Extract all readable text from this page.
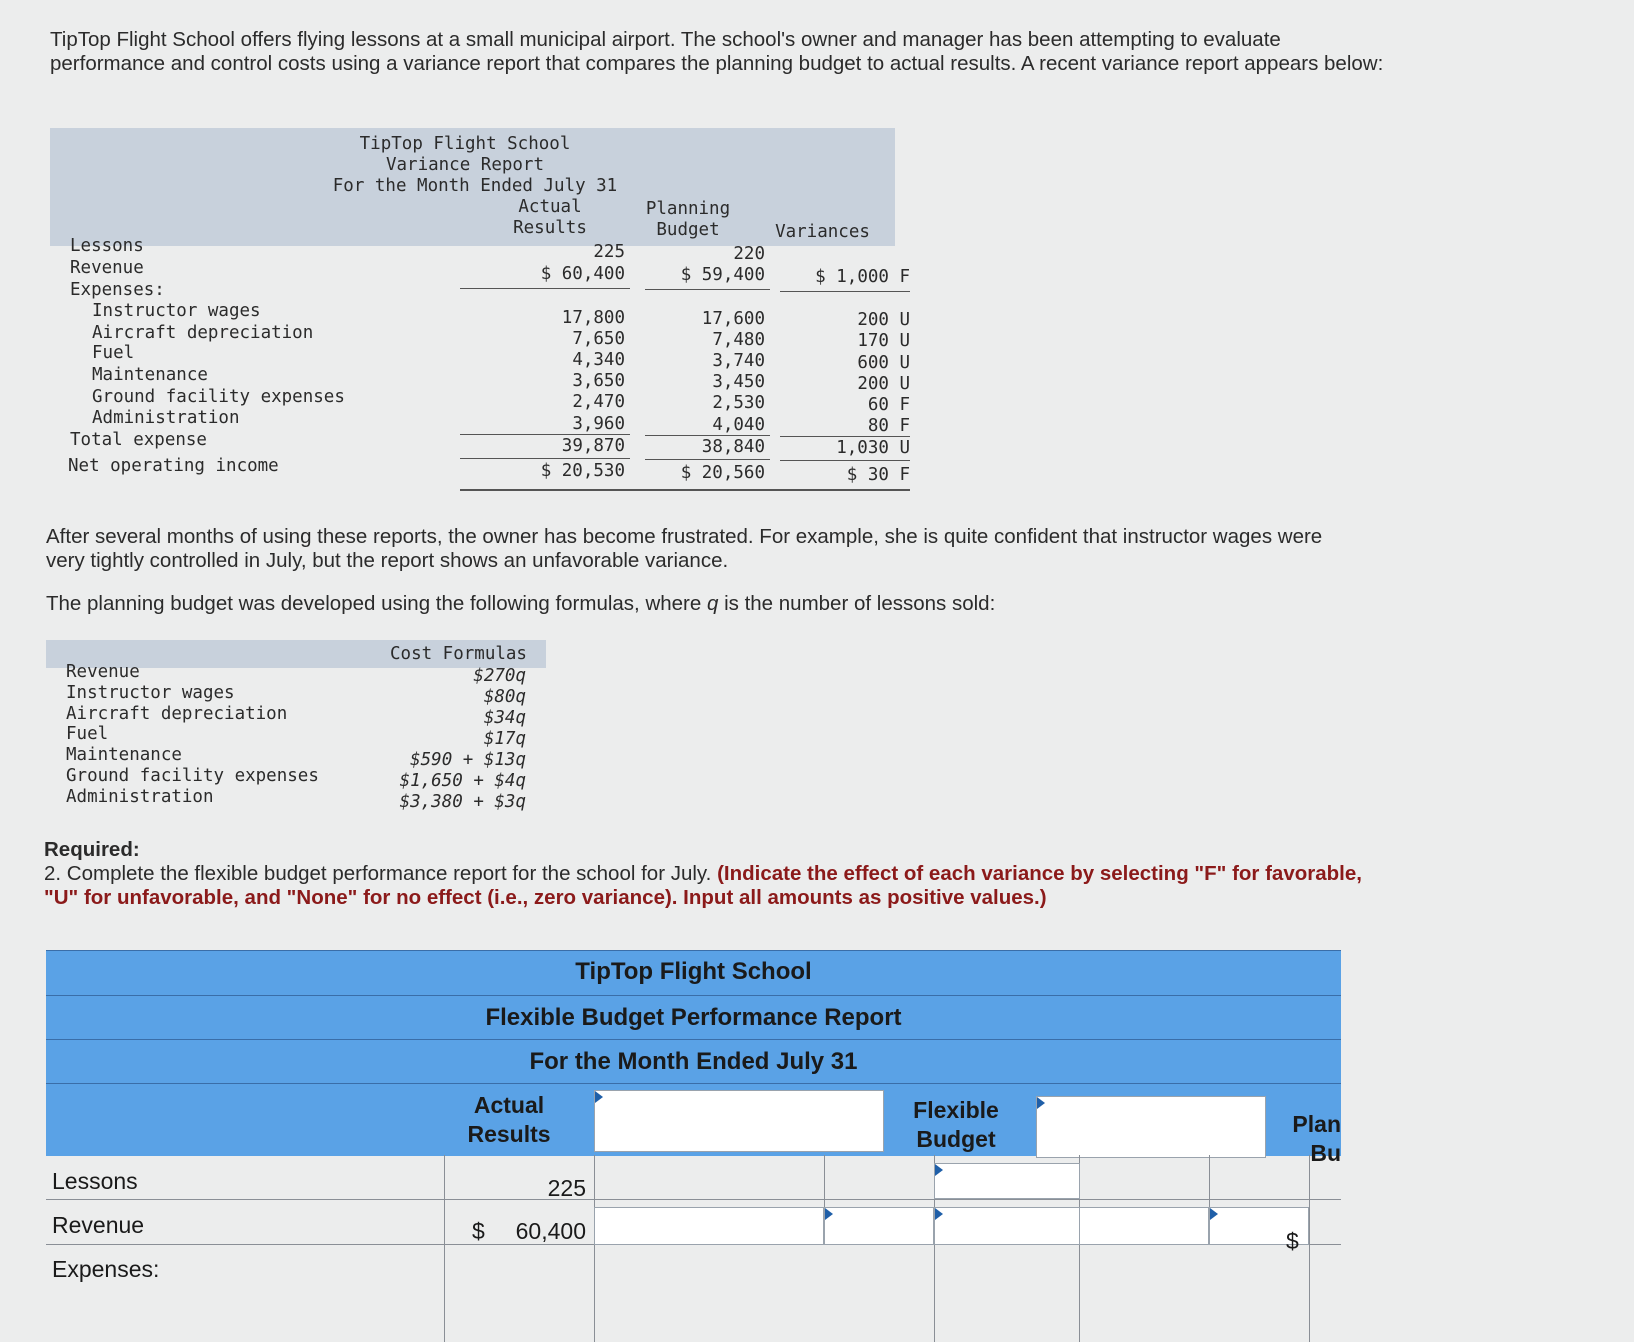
TipTop Flight School offers flying lessons at a small municipal airport. The school's owner and manager has been attempting to evaluate performance and control costs using a variance report that compares the planning budget to actual results. A recent variance report appears below:
TipTop Flight School
Variance Report
For the Month Ended July 31
Actual
Results
Planning
Budget	Variances
Lessons	225	220
Revenue	$ 60,400	$ 59,400	$ 1,000 F
Expenses:
Instructor wages	17,800	17,600	200 U
Aircraft depreciation	7,650	7,480	170 U
Fuel	4,340	3,740	600 U
Maintenance	3,650	3,450	200 U
Ground facility expenses	2,470	2,530	60 F
Administration	3,960	4,040	80 F
Total expense	39,870	38,840	1,030 U
Net operating income	$ 20,530	$ 20,560	$ 30 F
After several months of using these reports, the owner has become frustrated. For example, she is quite confident that instructor wages were very tightly controlled in July, but the report shows an unfavorable variance.
The planning budget was developed using the following formulas, where q is the number of lessons sold:
Cost Formulas
Revenue	$270q
Instructor wages	$80q
Aircraft depreciation	$34q
Fuel	$17q
Maintenance	$590 + $13q
Ground facility expenses	$1,650 + $4q
Administration	$3,380 + $3q
Required:
2. Complete the flexible budget performance report for the school for July. (Indicate the effect of each variance by selecting "F" for favorable, "U" for unfavorable, and "None" for no effect (i.e., zero variance). Input all amounts as positive values.)
TipTop Flight School
Flexible Budget Performance Report
For the Month Ended July 31
Actual
Results
Flexible
Budget
Plan
Bu
Lessons	225
Revenue	$	60,400	$
Expenses:
